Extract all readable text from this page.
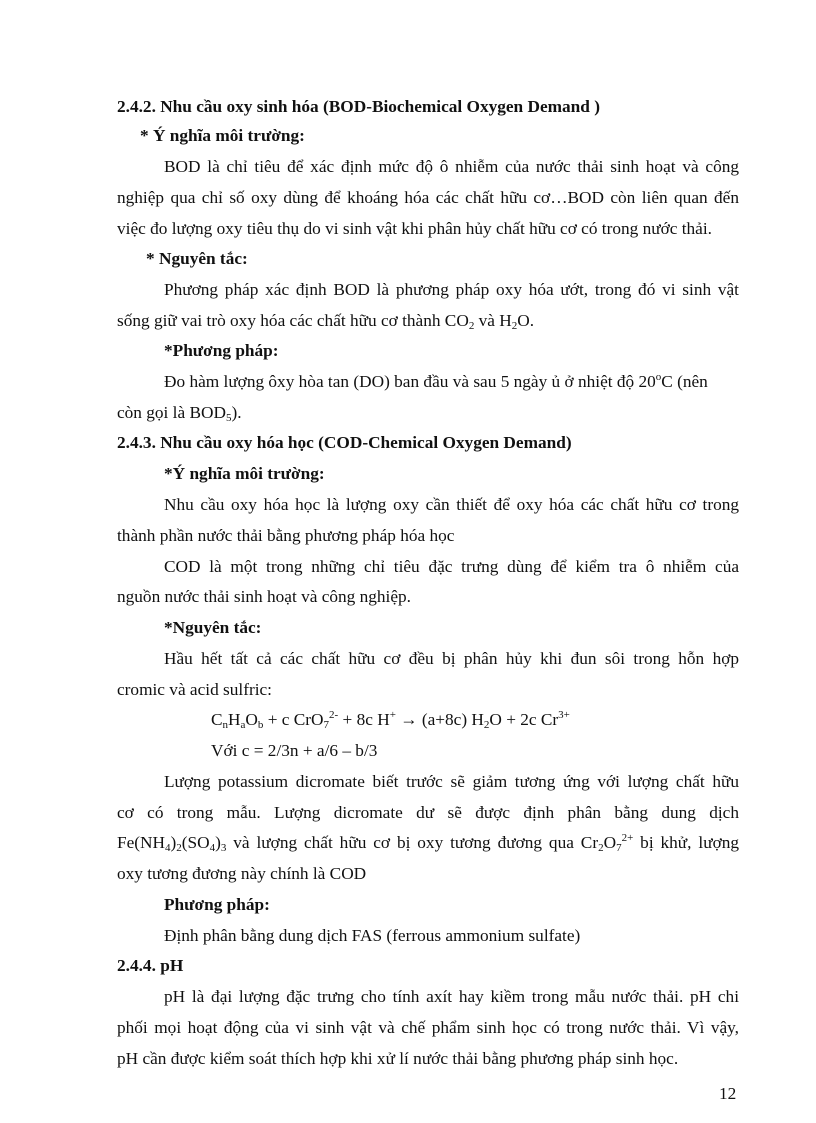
2.4.2. Nhu cầu oxy sinh hóa (BOD-Biochemical Oxygen Demand )
* Ý nghĩa môi trường:
BOD là chỉ tiêu để xác định mức độ ô nhiễm của nước thải sinh hoạt và công
nghiệp qua chỉ số oxy dùng để khoáng hóa các chất hữu cơ…BOD còn liên quan đến
việc đo lượng oxy tiêu thụ do vi sinh vật khi phân hủy chất hữu cơ có trong nước thải.
* Nguyên tắc:
Phương pháp xác định BOD là phương pháp oxy hóa ướt, trong đó vi sinh vật
sống giữ vai trò oxy hóa các chất hữu cơ thành $CO_2$ và $H_2O$.
*Phương pháp:
Đo hàm lượng ôxy hòa tan (DO) ban đầu và sau 5 ngày ủ ở nhiệt độ 20$^o$C (nên
còn gọi là $BOD_5$).
2.4.3. Nhu cầu oxy hóa học (COD-Chemical Oxygen Demand)
*Ý nghĩa môi trường:
Nhu cầu oxy hóa học là lượng oxy cần thiết để oxy hóa các chất hữu cơ trong
thành phần nước thải bằng phương pháp hóa học
COD là một trong những chỉ tiêu đặc trưng dùng để kiểm tra ô nhiễm của
nguồn nước thải sinh hoạt và công nghiệp.
*Nguyên tắc:
Hầu hết tất cả các chất hữu cơ đều bị phân hủy khi đun sôi trong hỗn hợp
cromic và acid sulfric:
$C_nH_aO_b + c$ CrO$_7^{2-}$ + 8c H+ → (a+8c) $H_2O + 2c$ $Cr^{3+}$
Với c = 2/3n + a/6 – b/3
Lượng potassium dicromate biết trước sẽ giảm tương ứng với lượng chất hữu
cơ có trong mẫu. Lượng dicromate dư sẽ được định phân bằng dung dịch
$Fe(NH_4)_2(SO_4)_3$ và lượng chất hữu cơ bị oxy tương đương qua $Cr_2O_7^{2+}$ bị khử, lượng
oxy tương đương này chính là COD
Phương pháp:
Định phân bằng dung dịch FAS (ferrous ammonium sulfate)
2.4.4. pH
pH là đại lượng đặc trưng cho tính axít hay kiềm trong mẫu nước thải. pH chi
phối mọi hoạt động của vi sinh vật và chế phẩm sinh học có trong nước thải. Vì vậy,
pH cần được kiểm soát thích hợp khi xử lí nước thải bằng phương pháp sinh học.
12
